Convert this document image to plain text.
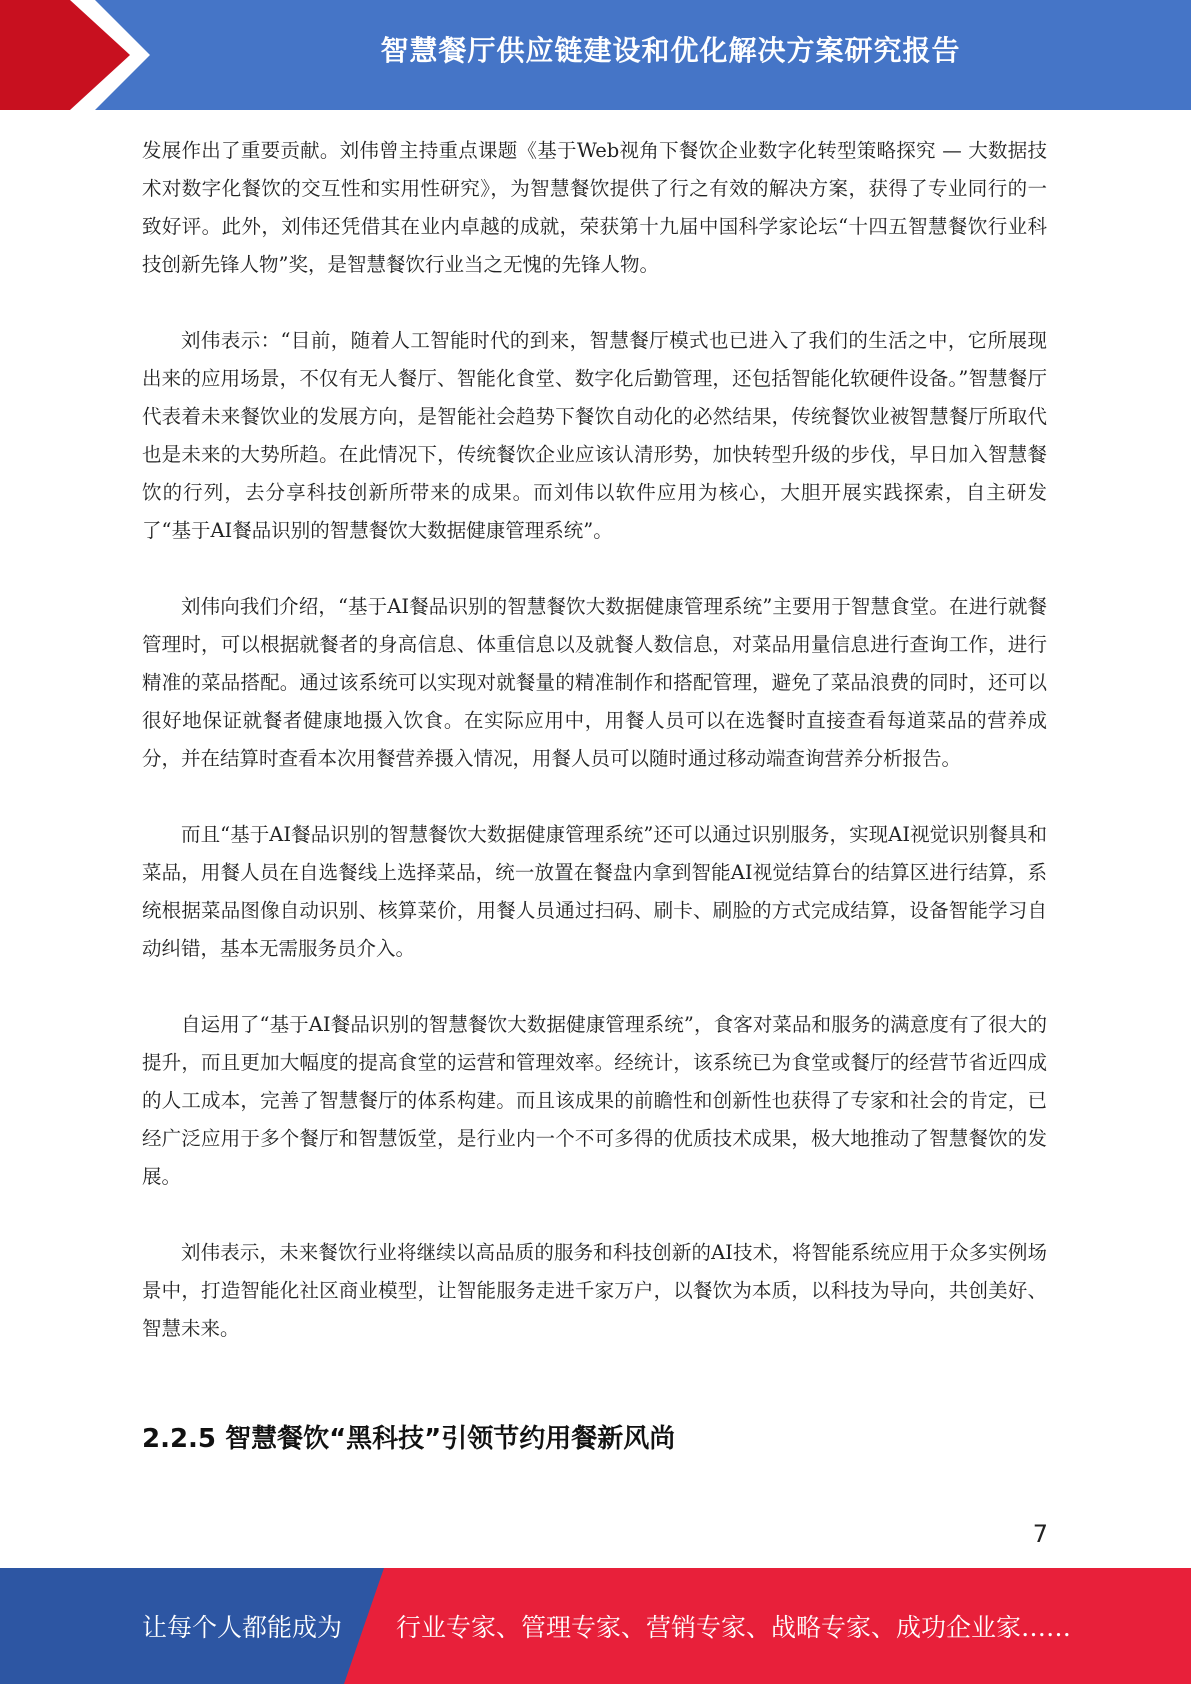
智慧餐厅供应链建设和优化解决方案研究报告

发展作出了重要贡献。刘伟曾主持重点课题《基于Web视角下餐饮企业数字化转型策略探究 — 大数据技术对数字化餐饮的交互性和实用性研究》，为智慧餐饮提供了行之有效的解决方案，获得了专业同行的一致好评。此外，刘伟还凭借其在业内卓越的成就，荣获第十九届中国科学家论坛“十四五智慧餐饮行业科技创新先锋人物”奖，是智慧餐饮行业当之无愧的先锋人物。

刘伟表示：“目前，随着人工智能时代的到来，智慧餐厅模式也已进入了我们的生活之中，它所展现出来的应用场景，不仅有无人餐厅、智能化食堂、数字化后勤管理，还包括智能化软硬件设备。”智慧餐厅代表着未来餐饮业的发展方向，是智能社会趋势下餐饮自动化的必然结果，传统餐饮业被智慧餐厅所取代也是未来的大势所趋。在此情况下，传统餐饮企业应该认清形势，加快转型升级的步伐，早日加入智慧餐饮的行列，去分享科技创新所带来的成果。而刘伟以软件应用为核心，大胆开展实践探索，自主研发了“基于AI餐品识别的智慧餐饮大数据健康管理系统”。

刘伟向我们介绍，“基于AI餐品识别的智慧餐饮大数据健康管理系统”主要用于智慧食堂。在进行就餐管理时，可以根据就餐者的身高信息、体重信息以及就餐人数信息，对菜品用量信息进行查询工作，进行精准的菜品搭配。通过该系统可以实现对就餐量的精准制作和搭配管理，避免了菜品浪费的同时，还可以很好地保证就餐者健康地摄入饮食。在实际应用中，用餐人员可以在选餐时直接查看每道菜品的营养成分，并在结算时查看本次用餐营养摄入情况，用餐人员可以随时通过移动端查询营养分析报告。

而且“基于AI餐品识别的智慧餐饮大数据健康管理系统”还可以通过识别服务，实现AI视觉识别餐具和菜品，用餐人员在自选餐线上选择菜品，统一放置在餐盘内拿到智能AI视觉结算台的结算区进行结算，系统根据菜品图像自动识别、核算菜价，用餐人员通过扫码、刷卡、刷脸的方式完成结算，设备智能学习自动纠错，基本无需服务员介入。

自运用了“基于AI餐品识别的智慧餐饮大数据健康管理系统”，食客对菜品和服务的满意度有了很大的提升，而且更加大幅度的提高食堂的运营和管理效率。经统计，该系统已为食堂或餐厅的经营节省近四成的人工成本，完善了智慧餐厅的体系构建。而且该成果的前瞻性和创新性也获得了专家和社会的肯定，已经广泛应用于多个餐厅和智慧饭堂，是行业内一个不可多得的优质技术成果，极大地推动了智慧餐饮的发展。

刘伟表示，未来餐饮行业将继续以高品质的服务和科技创新的AI技术，将智能系统应用于众多实例场景中，打造智能化社区商业模型，让智能服务走进千家万户，以餐饮为本质，以科技为导向，共创美好、智慧未来。

2.2.5 智慧餐饮“黑科技”引领节约用餐新风尚
7
让每个人都能成为 行业专家、管理专家、营销专家、战略专家、成功企业家……
